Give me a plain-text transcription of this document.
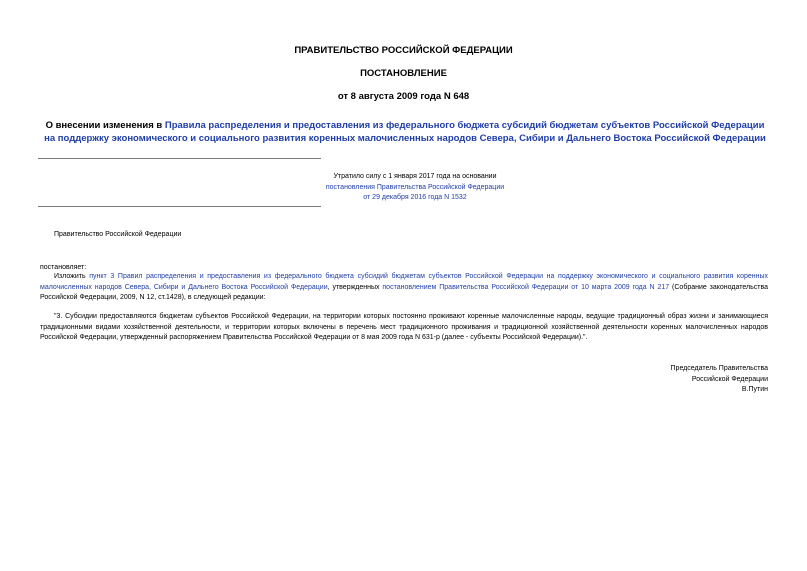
ПРАВИТЕЛЬСТВО РОССИЙСКОЙ ФЕДЕРАЦИИ
ПОСТАНОВЛЕНИЕ
от 8 августа 2009 года N 648
О внесении изменения в Правила распределения и предоставления из федерального бюджета субсидий бюджетам субъектов Российской Федерации на поддержку экономического и социального развития коренных малочисленных народов Севера, Сибири и Дальнего Востока Российской Федерации
Утратило силу с 1 января 2017 года на основании
постановления Правительства Российской Федерации
от 29 декабря 2016 года N 1532
Правительство Российской Федерации
постановляет:
Изложить пункт 3 Правил распределения и предоставления из федерального бюджета субсидий бюджетам субъектов Российской Федерации на поддержку экономического и социального развития коренных малочисленных народов Севера, Сибири и Дальнего Востока Российской Федерации, утвержденных постановлением Правительства Российской Федерации от 10 марта 2009 года N 217 (Собрание законодательства Российской Федерации, 2009, N 12, ст.1428), в следующей редакции:
"3. Субсидии предоставляются бюджетам субъектов Российской Федерации, на территории которых постоянно проживают коренные малочисленные народы, ведущие традиционный образ жизни и занимающиеся традиционными видами хозяйственной деятельности, и территории которых включены в перечень мест традиционного проживания и традиционной хозяйственной деятельности коренных малочисленных народов Российской Федерации, утвержденный распоряжением Правительства Российской Федерации от 8 мая 2009 года N 631-р (далее - субъекты Российской Федерации).".
Председатель Правительства
Российской Федерации
В.Путин
